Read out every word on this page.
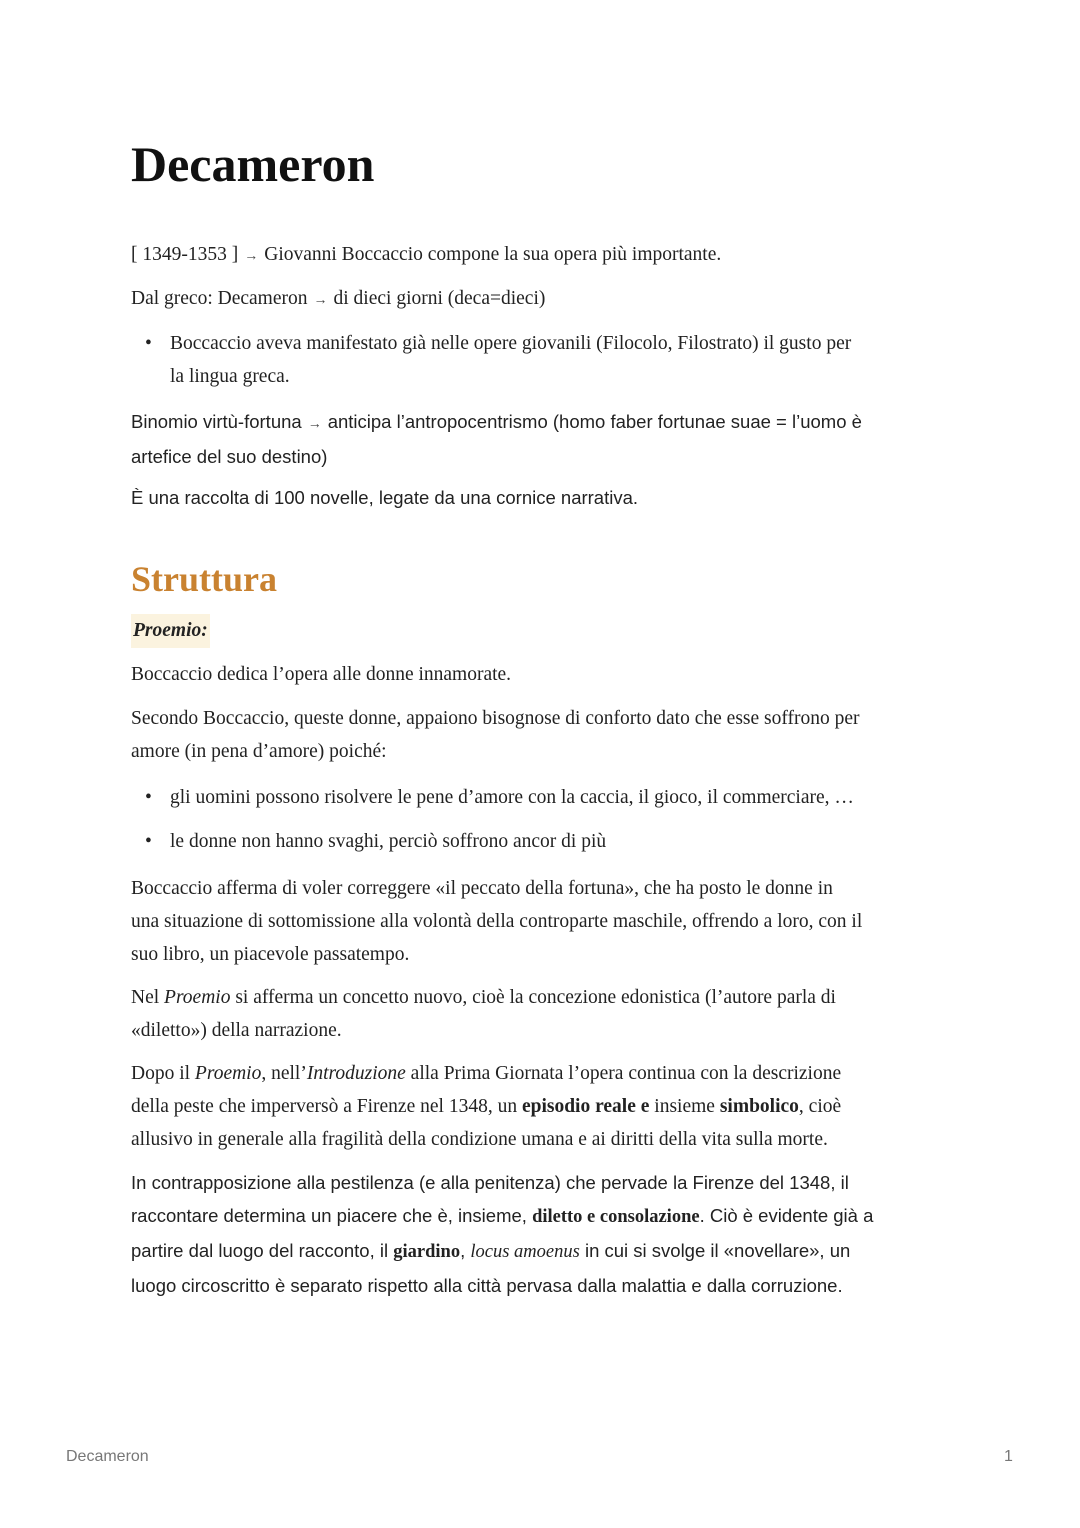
Decameron

[ 1349-1353 ] → Giovanni Boccaccio compone la sua opera più importante.

Dal greco: Decameron → di dieci giorni (deca=dieci)

• Boccaccio aveva manifestato già nelle opere giovanili (Filocolo, Filostrato) il gusto per
la lingua greca.
Binomio virtù-fortuna → anticipa l’antropocentrismo (homo faber fortunae suae = l’uomo è
artefice del suo destino)

È una raccolta di 100 novelle, legate da una cornice narrativa.

Struttura
Proemio:

Boccaccio dedica l’opera alle donne innamorate.

Secondo Boccaccio, queste donne, appaiono bisognose di conforto dato che esse soffrono per
amore (in pena d’amore) poiché:
• gli uomini possono risolvere le pene d’amore con la caccia, il gioco, il commerciare, …
• le donne non hanno svaghi, perciò soffrono ancor di più
Boccaccio afferma di voler correggere «il peccato della fortuna», che ha posto le donne in
una situazione di sottomissione alla volontà della controparte maschile, offrendo a loro, con il
suo libro, un piacevole passatempo.
Nel Proemio si afferma un concetto nuovo, cioè la concezione edonistica (l’autore parla di
«diletto») della narrazione.
Dopo il Proemio, nell’Introduzione alla Prima Giornata l’opera continua con la descrizione
della peste che imperversò a Firenze nel 1348, un episodio reale e insieme simbolico, cioè
allusivo in generale alla fragilità della condizione umana e ai diritti della vita sulla morte.
In contrapposizione alla pestilenza (e alla penitenza) che pervade la Firenze del 1348, il
raccontare determina un piacere che è, insieme, diletto e consolazione. Ciò è evidente già a
partire dal luogo del racconto, il giardino, locus amoenus in cui si svolge il «novellare», un
luogo circoscritto è separato rispetto alla città pervasa dalla malattia e dalla corruzione.
Decameron	1
